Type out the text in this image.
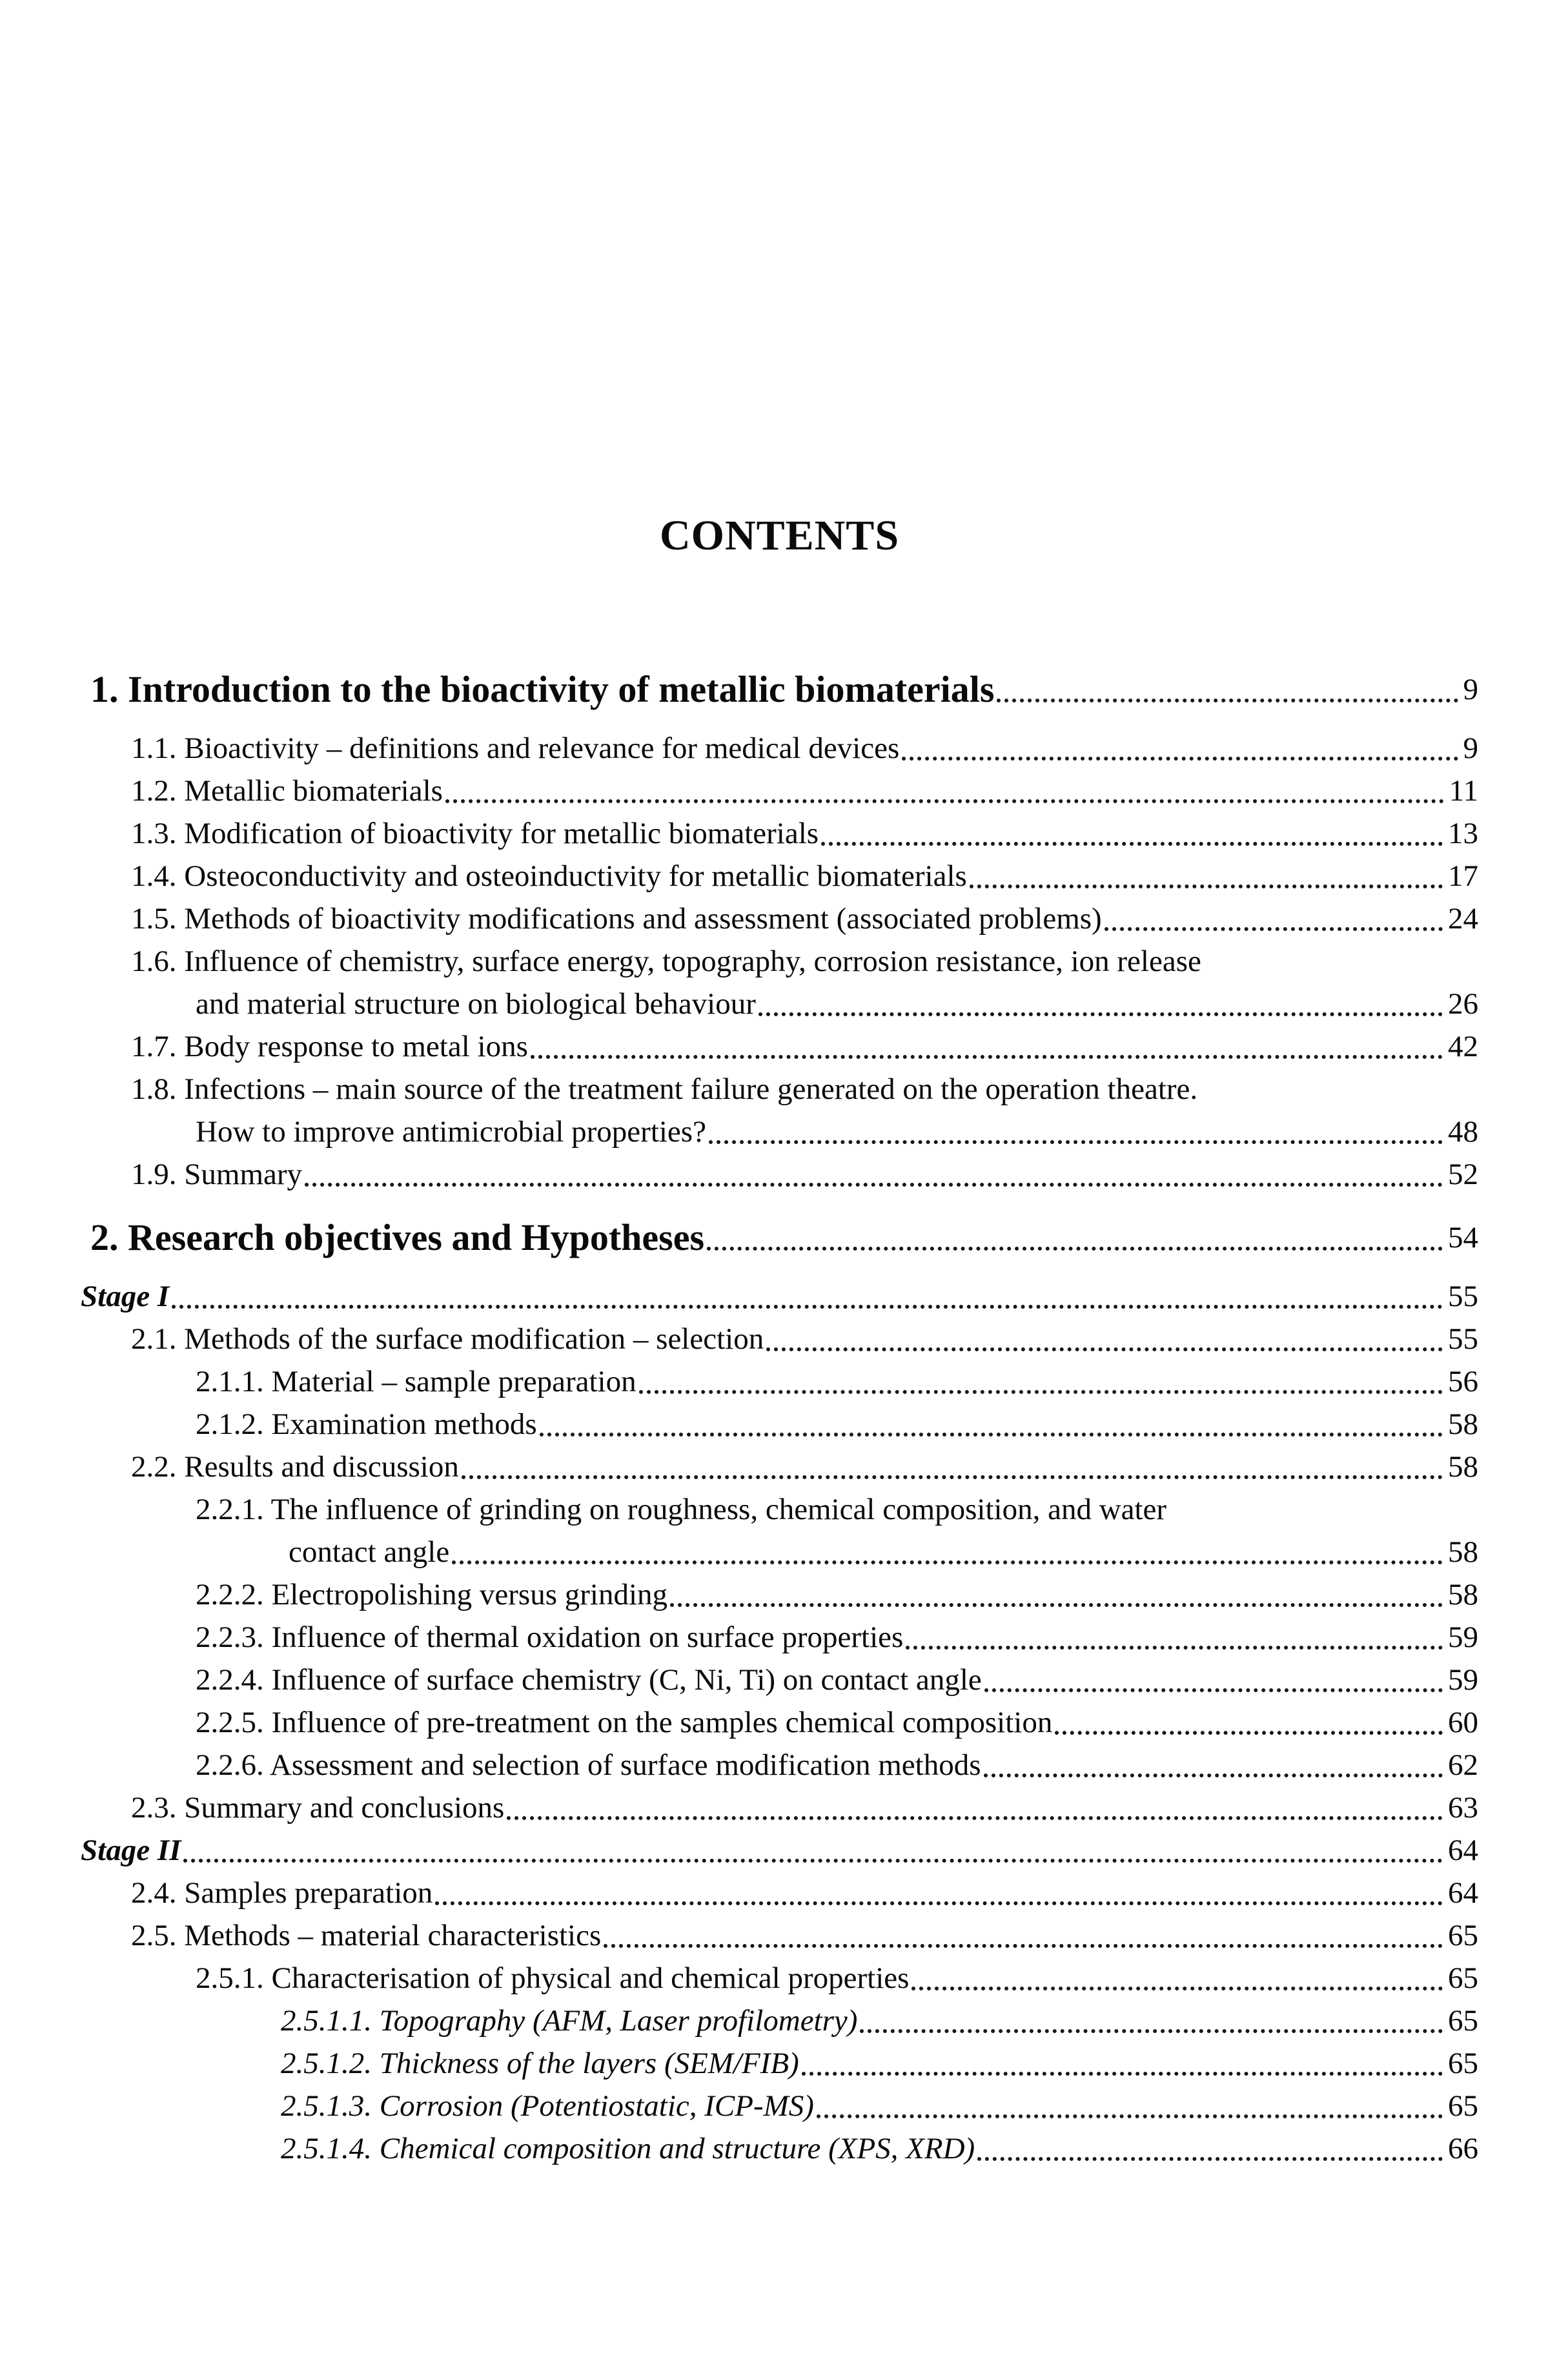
CONTENTS
1. Introduction to the bioactivity of metallic biomaterials	9
1.1. Bioactivity – definitions and relevance for medical devices	9
1.2. Metallic biomaterials	11
1.3. Modification of bioactivity for metallic biomaterials	13
1.4. Osteoconductivity and osteoinductivity for metallic biomaterials	17
1.5. Methods of bioactivity modifications and assessment (associated problems)	24
1.6. Influence of chemistry, surface energy, topography, corrosion resistance, ion release
and material structure on biological behaviour	26
1.7. Body response to metal ions	42
1.8. Infections – main source of the treatment failure generated on the operation theatre.
How to improve antimicrobial properties?	48
1.9. Summary	52
2. Research objectives and Hypotheses	54
Stage I	55
2.1. Methods of the surface modification – selection	55
2.1.1. Material – sample preparation	56
2.1.2. Examination methods	58
2.2. Results and discussion	58
2.2.1. The influence of grinding on roughness, chemical composition, and water
contact angle	58
2.2.2. Electropolishing versus grinding	58
2.2.3. Influence of thermal oxidation on surface properties	59
2.2.4. Influence of surface chemistry (C, Ni, Ti) on contact angle	59
2.2.5. Influence of pre-treatment on the samples chemical composition	60
2.2.6. Assessment and selection of surface modification methods	62
2.3. Summary and conclusions	63
Stage II	64
2.4. Samples preparation	64
2.5. Methods – material characteristics	65
2.5.1. Characterisation of physical and chemical properties	65
2.5.1.1. Topography (AFM, Laser profilometry)	65
2.5.1.2. Thickness of the layers (SEM/FIB)	65
2.5.1.3. Corrosion (Potentiostatic, ICP-MS)	65
2.5.1.4. Chemical composition and structure (XPS, XRD)	66
